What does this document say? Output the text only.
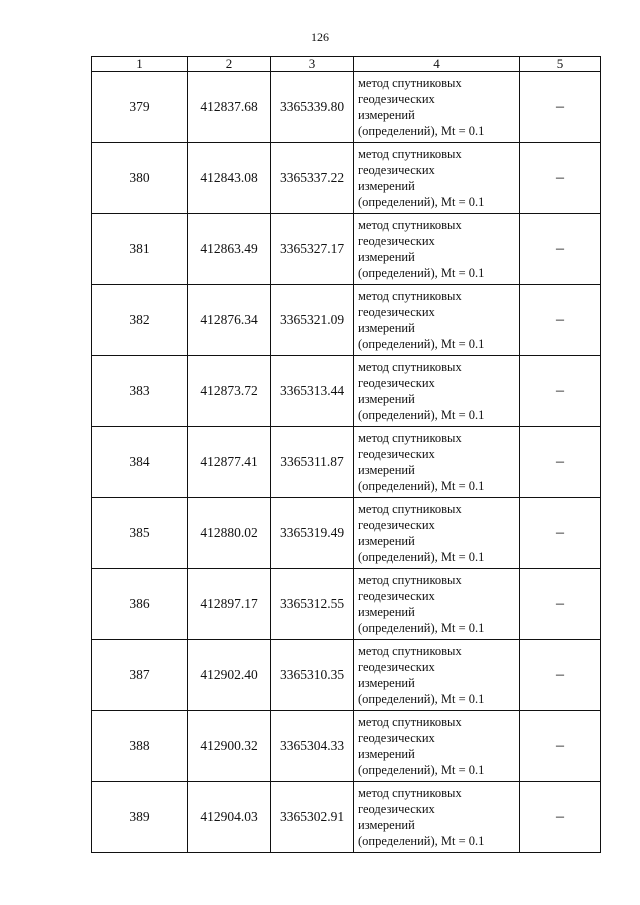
126
1	2	3	4	5
379	412837.68	3365339.80	метод спутниковых
геодезических
измерений
(определений), Mt = 0.1	–
380	412843.08	3365337.22	метод спутниковых
геодезических
измерений
(определений), Mt = 0.1	–
381	412863.49	3365327.17	метод спутниковых
геодезических
измерений
(определений), Mt = 0.1	–
382	412876.34	3365321.09	метод спутниковых
геодезических
измерений
(определений), Mt = 0.1	–
383	412873.72	3365313.44	метод спутниковых
геодезических
измерений
(определений), Mt = 0.1	–
384	412877.41	3365311.87	метод спутниковых
геодезических
измерений
(определений), Mt = 0.1	–
385	412880.02	3365319.49	метод спутниковых
геодезических
измерений
(определений), Mt = 0.1	–
386	412897.17	3365312.55	метод спутниковых
геодезических
измерений
(определений), Mt = 0.1	–
387	412902.40	3365310.35	метод спутниковых
геодезических
измерений
(определений), Mt = 0.1	–
388	412900.32	3365304.33	метод спутниковых
геодезических
измерений
(определений), Mt = 0.1	–
389	412904.03	3365302.91	метод спутниковых
геодезических
измерений
(определений), Mt = 0.1	–
